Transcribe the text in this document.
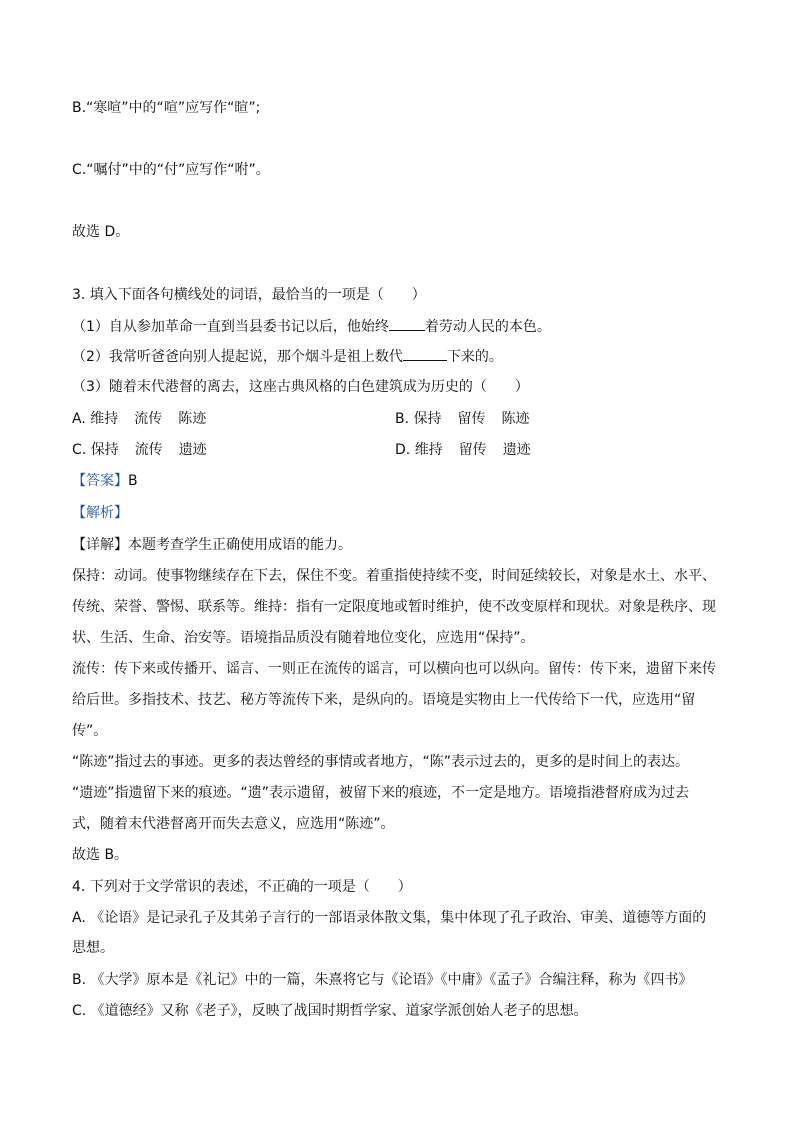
B.“寒喧”中的“喧”应写作“暄”;
C.“嘱付”中的“付”应写作“咐”。
故选 D。
3. 填入下面各句横线处的词语，最恰当的一项是（　　）
（1）自从参加革命一直到当县委书记以后，他始终	着劳动人民的本色。
（2）我常听爸爸向别人提起说，那个烟斗是祖上数代	下来的。
（3）随着末代港督的离去，这座古典风格的白色建筑成为历史的（　　）
A. 维持 流传 陈迹	B. 保持 留传 陈迹
C. 保持 流传 遗迹	D. 维持 留传 遗迹
【答案】B
【解析】
【详解】本题考查学生正确使用成语的能力。
保持：动词。使事物继续存在下去，保住不变。着重指使持续不变，时间延续较长，对象是水土、水平、
传统、荣誉、警惕、联系等。维持：指有一定限度地或暂时维护，使不改变原样和现状。对象是秩序、现
状、生活、生命、治安等。语境指品质没有随着地位变化，应选用“保持”。
流传：传下来或传播开、谣言、一则正在流传的谣言，可以横向也可以纵向。留传：传下来，遗留下来传
给后世。多指技术、技艺、秘方等流传下来，是纵向的。语境是实物由上一代传给下一代，应选用“留
传”。
“陈迹”指过去的事迹。更多的表达曾经的事情或者地方，“陈”表示过去的，更多的是时间上的表达。
“遗迹”指遗留下来的痕迹。“遗”表示遗留，被留下来的痕迹，不一定是地方。语境指港督府成为过去
式，随着末代港督离开而失去意义，应选用“陈迹”。
故选 B。
4. 下列对于文学常识的表述，不正确的一项是（　　）
A. 《论语》是记录孔子及其弟子言行的一部语录体散文集，集中体现了孔子政治、审美、道德等方面的
思想。
B. 《大学》原本是《礼记》中的一篇，朱熹将它与《论语》《中庸》《孟子》合编注释，称为《四书》
C. 《道德经》又称《老子》，反映了战国时期哲学家、道家学派创始人老子的思想。
